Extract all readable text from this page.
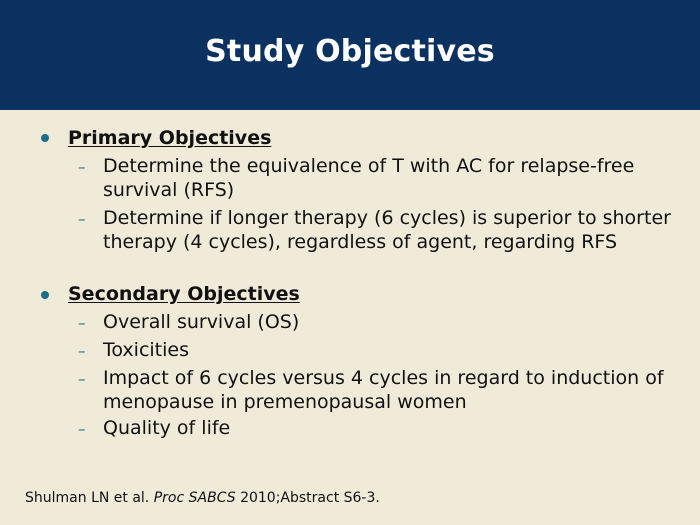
Study Objectives
Primary Objectives
– Determine the equivalence of T with AC for relapse-free survival (RFS)
– Determine if longer therapy (6 cycles) is superior to shorter therapy (4 cycles), regardless of agent, regarding RFS
Secondary Objectives
– Overall survival (OS)
– Toxicities
– Impact of 6 cycles versus 4 cycles in regard to induction of menopause in premenopausal women
– Quality of life
Shulman LN et al. Proc SABCS 2010;Abstract S6-3.
